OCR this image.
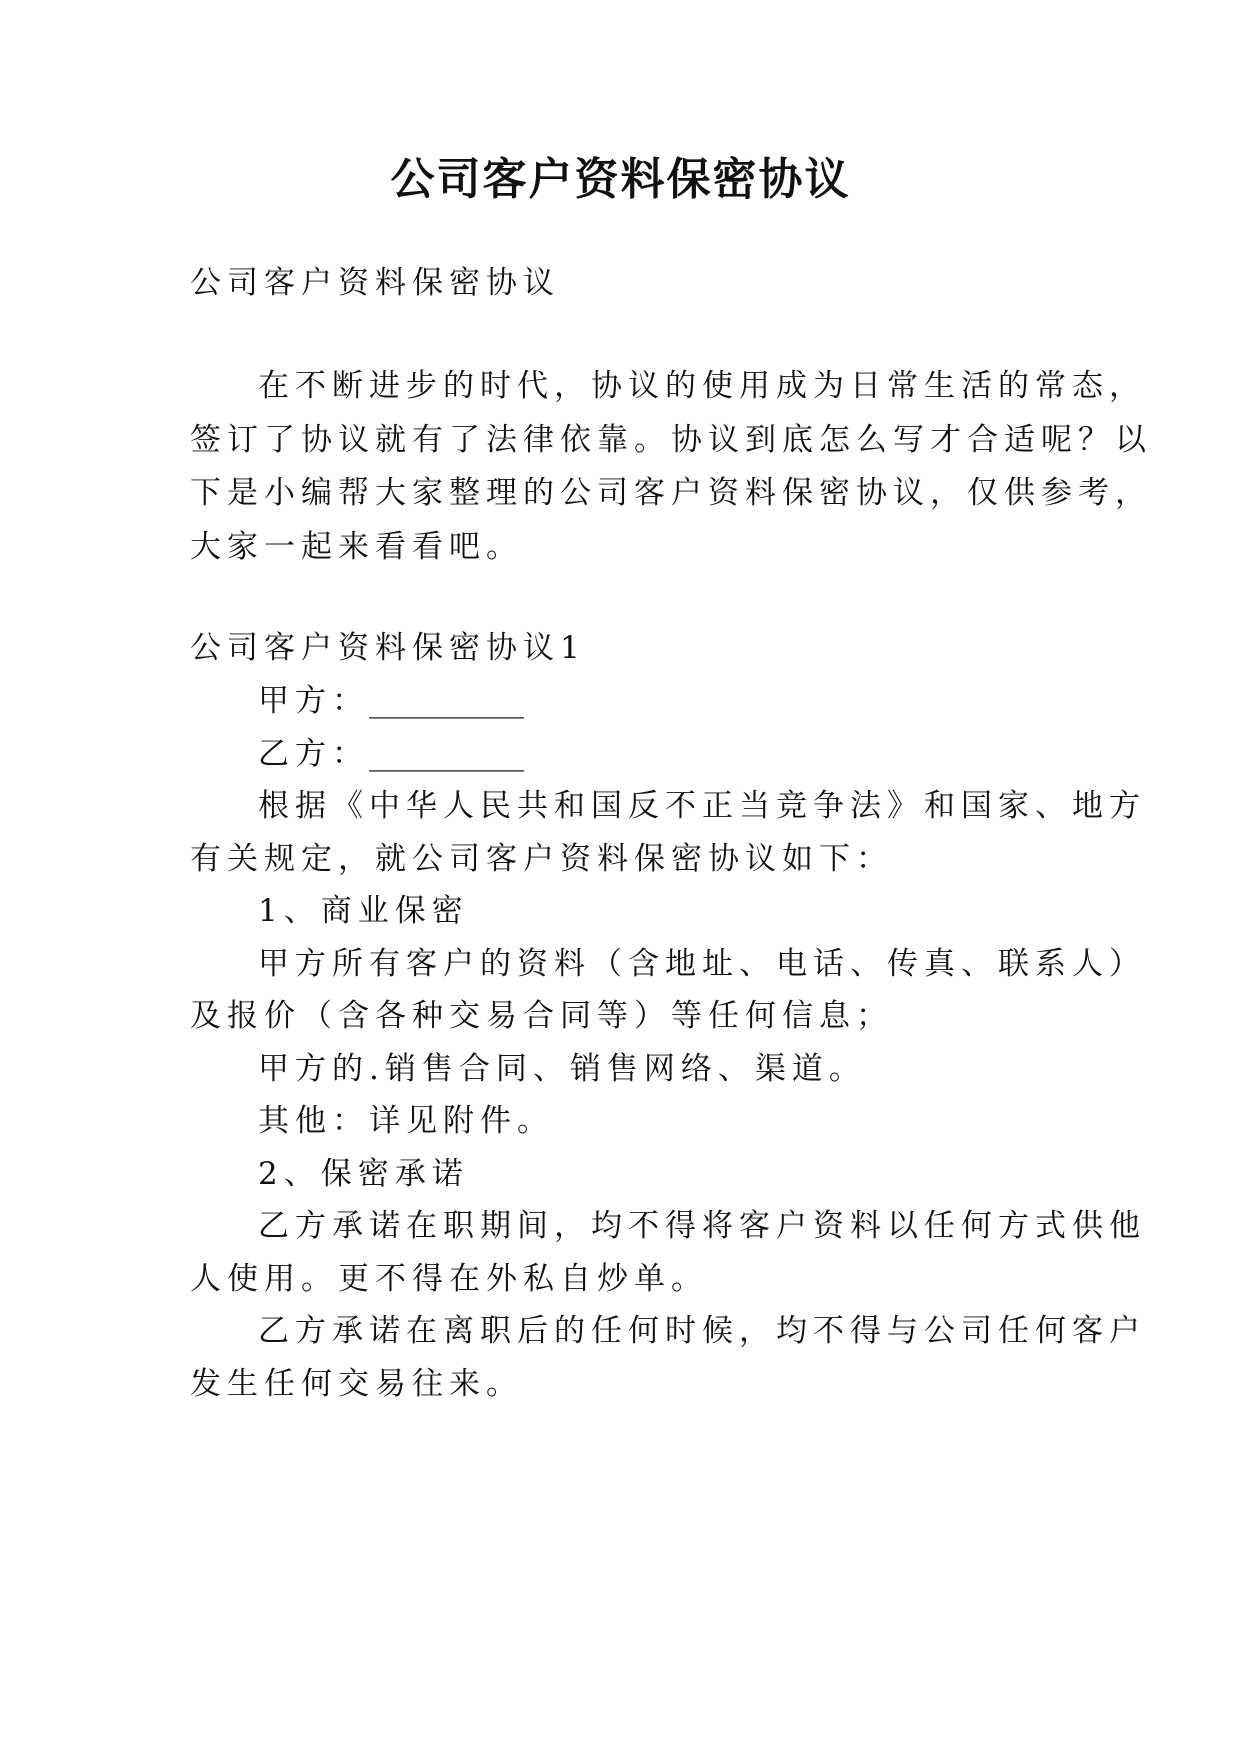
公司客户资料保密协议
公司客户资料保密协议
在不断进步的时代，协议的使用成为日常生活的常态，
签订了协议就有了法律依靠。协议到底怎么写才合适呢？以
下是小编帮大家整理的公司客户资料保密协议，仅供参考，
大家一起来看看吧。
公司客户资料保密协议1
甲方：__________
乙方：__________
根据《中华人民共和国反不正当竞争法》和国家、地方
有关规定，就公司客户资料保密协议如下：
1、商业保密
甲方所有客户的资料（含地址、电话、传真、联系人）
及报价（含各种交易合同等）等任何信息；
甲方的.销售合同、销售网络、渠道。
其他：详见附件。
2、保密承诺
乙方承诺在职期间，均不得将客户资料以任何方式供他
人使用。更不得在外私自炒单。
乙方承诺在离职后的任何时候，均不得与公司任何客户
发生任何交易往来。
